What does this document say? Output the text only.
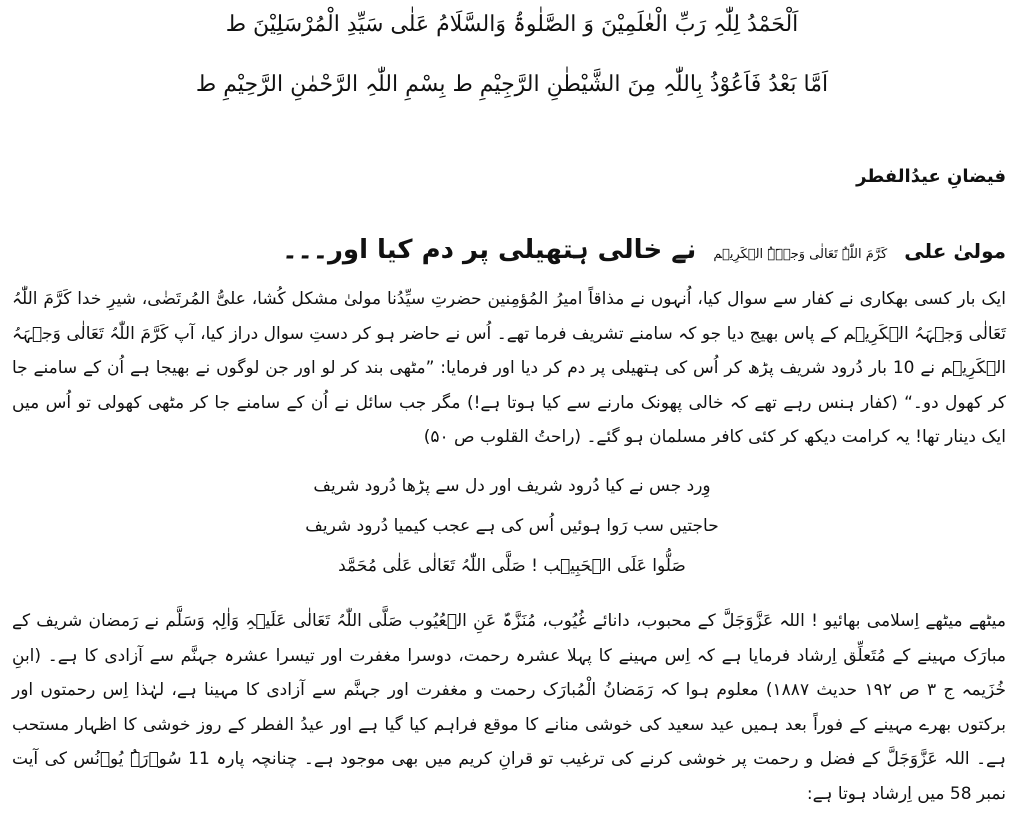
اَلْحَمْدُ لِلّٰہِ رَبِّ الْعٰلَمِیْنَ وَ الصَّلٰوۃُ وَالسَّلَامُ عَلٰی سَیِّدِ الْمُرْسَلِیْنَ ط

اَمَّا بَعْدُ فَاَعُوْذُ بِاللّٰہِ مِنَ الشَّیْطٰنِ الرَّجِیْمِ ط بِسْمِ اللّٰہِ الرَّحْمٰنِ الرَّحِیْمِ ط

فیضانِ عیدُالفطر
مولیٰ علی کَرَّمَ اللّٰہُ تَعَالٰی وَجۡہَہُ الۡکَرِیۡم نے خالی ہتھیلی پر دم کیا اور۔۔۔

ایک بار کسی بھکاری نے کفار سے سوال کیا، اُنہوں نے مذاقاً امیرُ المُؤمِنین حضرتِ سیِّدُنا مولیٰ مشکل کُشا، علیُّ المُرتَضٰی، شیرِ خدا کَرَّمَ اللّٰہُ تَعَالٰی وَجۡہَہُ الۡکَرِیۡم کے پاس بھیج دیا جو کہ سامنے تشریف فرما تھے۔ اُس نے حاضر ہو کر دستِ سوال دراز کیا، آپ کَرَّمَ اللّٰہُ تَعَالٰی وَجۡہَہُ الۡکَرِیۡم نے 10 بار دُرود شریف پڑھ کر اُس کی ہتھیلی پر دم کر دیا اور فرمایا: ”مٹھی بند کر لو اور جن لوگوں نے بھیجا ہے اُن کے سامنے جا کر کھول دو۔“ (کفار ہنس رہے تھے کہ خالی پھونک مارنے سے کیا ہوتا ہے!) مگر جب سائل نے اُن کے سامنے جا کر مٹھی کھولی تو اُس میں ایک دینار تھا! یہ کرامت دیکھ کر کئی کافر مسلمان ہو گئے۔ (راحتُ القلوب ص ۵۰)

وِرد جس نے کیا دُرود شریف اور دل سے پڑھا دُرود شریف
حاجتیں سب رَوا ہوئیں اُس کی ہے عجب کیمیا دُرود شریف
صَلُّوا عَلَی الۡحَبِیۡب ! صَلَّی اللّٰہُ تَعَالٰی عَلٰی مُحَمَّد

میٹھے میٹھے اِسلامی بھائیو ! اللہ عَزَّوَجَلَّ کے محبوب، دانائے غُیُوب، مُنَزَّہٌ عَنِ الۡعُیُوب صَلَّی اللّٰہُ تَعَالٰی عَلَیۡہِ وَاٰلِہٖ وَسَلَّم نے رَمضان شریف کے مبارَک مہینے کے مُتَعلِّق اِرشاد فرمایا ہے کہ اِس مہینے کا پہلا عشرہ رحمت، دوسرا مغفرت اور تیسرا عشرہ جہنَّم سے آزادی کا ہے۔ (ابنِ خُزَیمہ ج ۳ ص ۱۹۲ حدیث ۱۸۸۷) معلوم ہوا کہ رَمَضانُ الْمُبارَک رحمت و مغفرت اور جہنَّم سے آزادی کا مہینا ہے، لہٰذا اِس رحمتوں اور برکتوں بھرے مہینے کے فوراً بعد ہمیں عید سعید کی خوشی منانے کا موقع فراہم کیا گیا ہے اور عیدُ الفطر کے روز خوشی کا اظہار مستحب ہے۔ اللہ عَزَّوَجَلَّ کے فضل و رحمت پر خوشی کرنے کی ترغیب تو قرانِ کریم میں بھی موجود ہے۔ چنانچہ پارہ 11 سُوۡرَۃُ یُوۡنُس کی آیت نمبر 58 میں اِرشاد ہوتا ہے:
